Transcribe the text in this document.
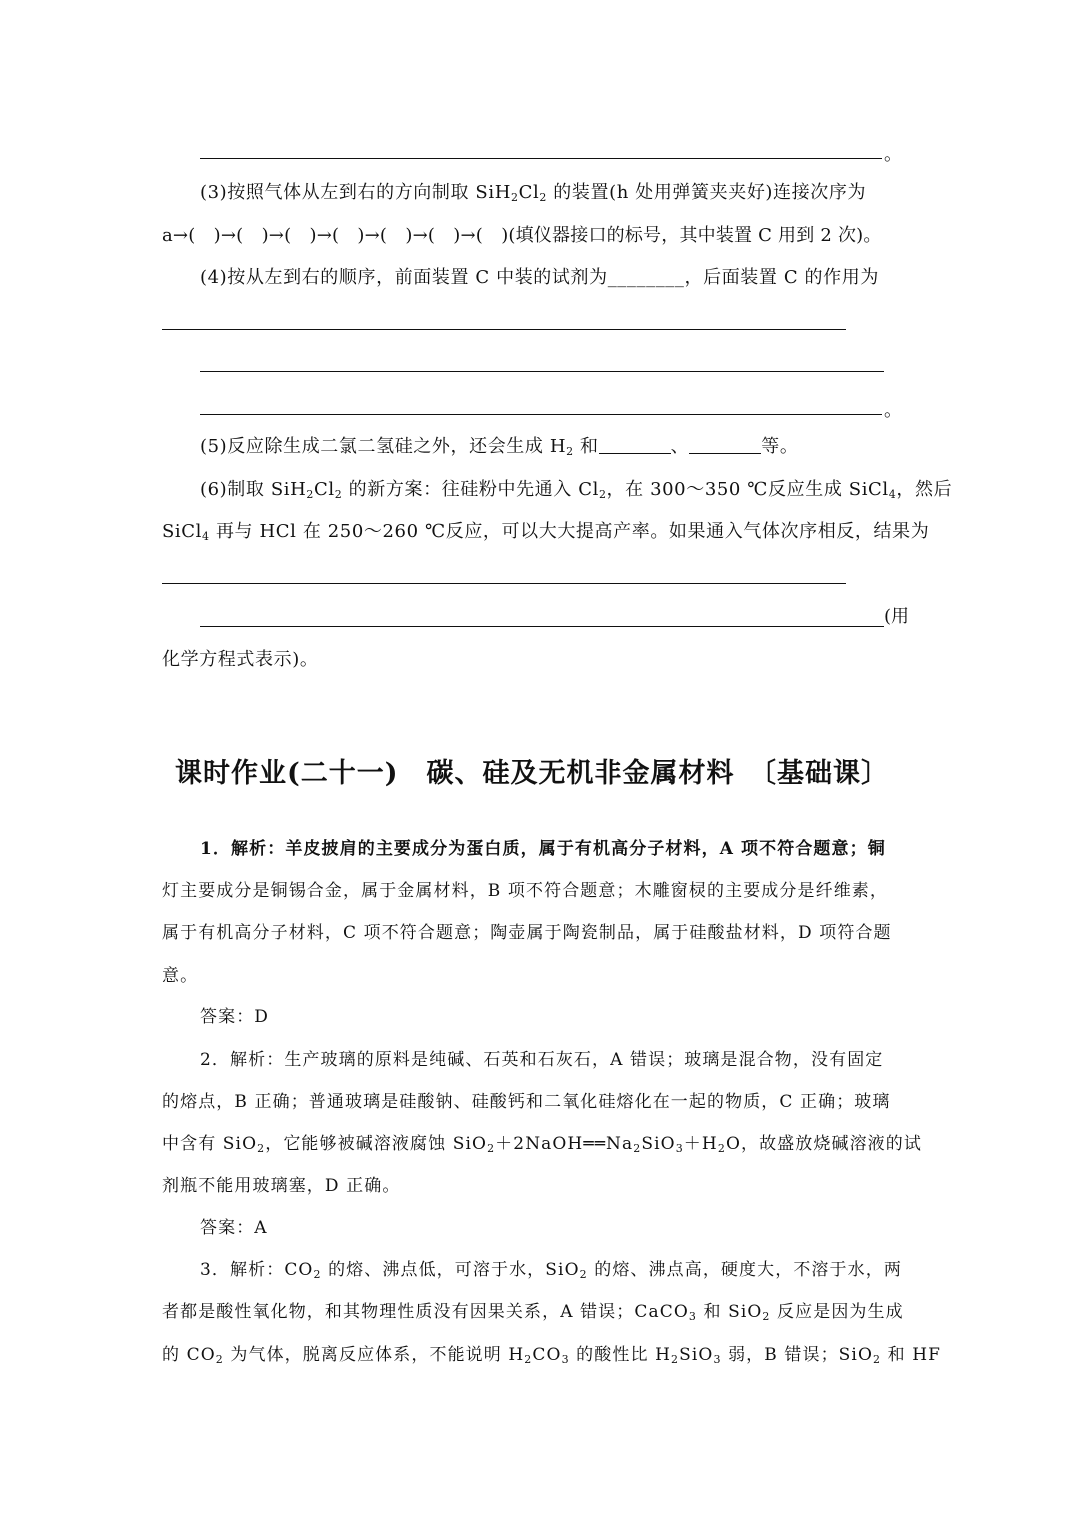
。
(3)按照气体从左到右的方向制取 $SiH_2Cl_2$ 的装置(h 处用弹簧夹夹好)连接次序为
a→(　)→(　)→(　)→(　)→(　)→(　)→(　)(填仪器接口的标号，其中装置 C 用到 2 次)。
(4)按从左到右的顺序，前面装置 C 中装的试剂为________，后面装置 C 的作用为
。
(5)反应除生成二氯二氢硅之外，还会生成 $H_2$ 和	、	等。
(6)制取 $SiH_2Cl_2$ 的新方案：往硅粉中先通入 $Cl_2$，在 300～350 ℃反应生成 SiCl$_4$，然后
SiCl$_4$ 再与 HCl 在 250～260 ℃反应，可以大大提高产率。如果通入气体次序相反，结果为
(用
化学方程式表示)。
课时作业(二十一)　碳、硅及无机非金属材料　〔基础课〕
1．解析：羊皮披肩的主要成分为蛋白质，属于有机高分子材料，A 项不符合题意；铜
灯主要成分是铜锡合金，属于金属材料，B 项不符合题意；木雕窗棂的主要成分是纤维素，
属于有机高分子材料，C 项不符合题意；陶壶属于陶瓷制品，属于硅酸盐材料，D 项符合题
意。
答案：D
2．解析：生产玻璃的原料是纯碱、石英和石灰石，A 错误；玻璃是混合物，没有固定
的熔点，B 正确；普通玻璃是硅酸钠、硅酸钙和二氧化硅熔化在一起的物质，C 正确；玻璃
中含有 SiO$_2$，它能够被碱溶液腐蚀 $SiO_2+2NaOH══Na_2SiO_3+H_2O$，故盛放烧碱溶液的试
剂瓶不能用玻璃塞，D 正确。
答案：A
3．解析：$CO_2$ 的熔、沸点低，可溶于水，SiO$_2$ 的熔、沸点高，硬度大，不溶于水，两
者都是酸性氧化物，和其物理性质没有因果关系，A 错误；CaCO$_3$ 和 SiO$_2$ 反应是因为生成
的 $CO_2$ 为气体，脱离反应体系，不能说明 $H_2CO_3$ 的酸性比 $H_2SiO_3$ 弱，B 错误；SiO$_2$ 和 HF
